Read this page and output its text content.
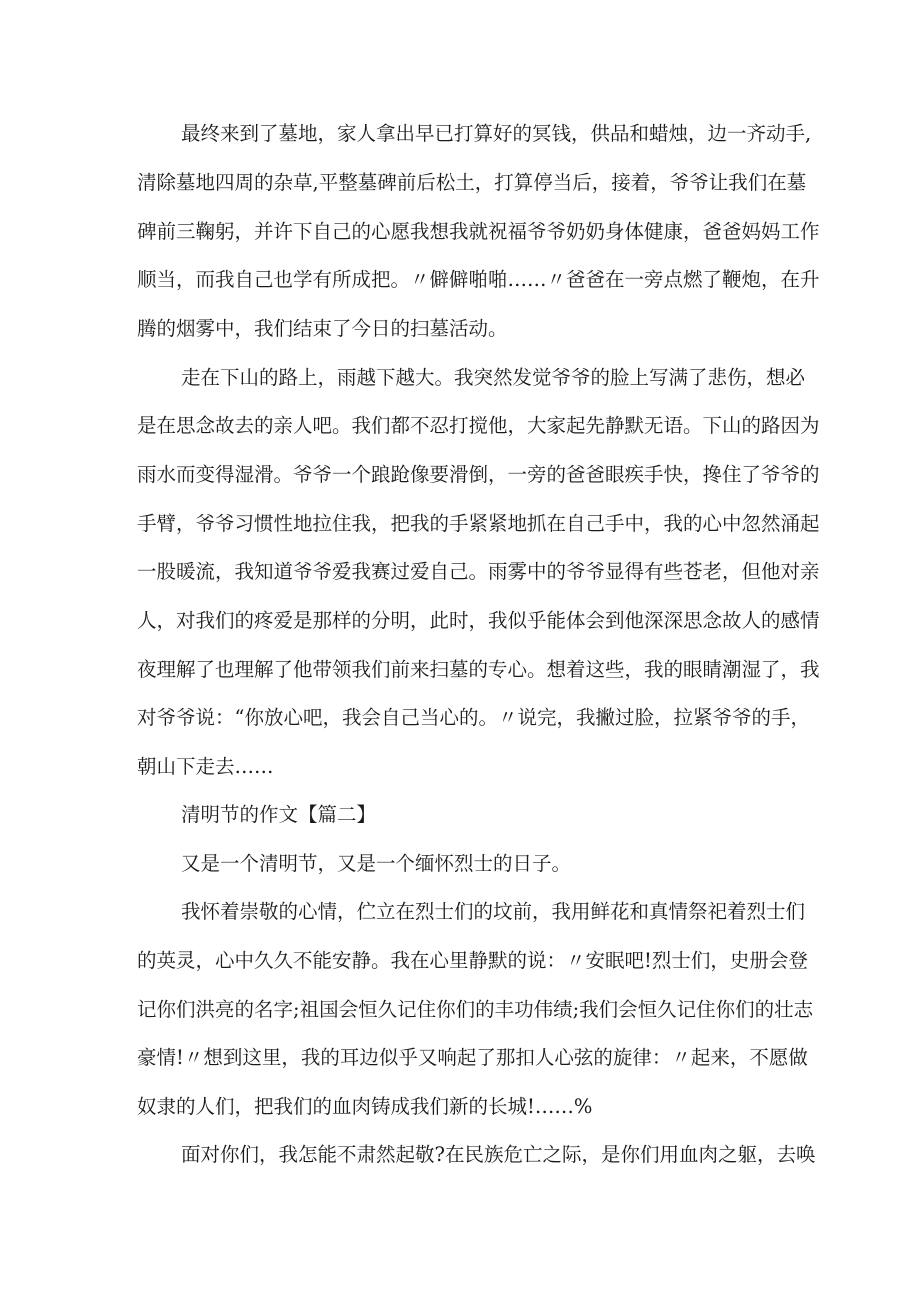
最终来到了墓地，家人拿出早已打算好的冥钱，供品和蜡烛，边一齐动手,
清除墓地四周的杂草,平整墓碑前后松土，打算停当后，接着，爷爷让我们在墓
碑前三鞠躬，并许下自己的心愿我想我就祝福爷爷奶奶身体健康，爸爸妈妈工作
顺当，而我自己也学有所成把。〃僻僻啪啪……〃爸爸在一旁点燃了鞭炮，在升
腾的烟雾中，我们结束了今日的扫墓活动。
走在下山的路上，雨越下越大。我突然发觉爷爷的脸上写满了悲伤，想必
是在思念故去的亲人吧。我们都不忍打搅他，大家起先静默无语。下山的路因为
雨水而变得湿滑。爷爷一个踉跄像要滑倒，一旁的爸爸眼疾手快，搀住了爷爷的
手臂，爷爷习惯性地拉住我，把我的手紧紧地抓在自己手中，我的心中忽然涌起
一股暖流，我知道爷爷爱我赛过爱自己。雨雾中的爷爷显得有些苍老，但他对亲
人，对我们的疼爱是那样的分明，此时，我似乎能体会到他深深思念故人的感情
夜理解了也理解了他带领我们前来扫墓的专心。想着这些，我的眼睛潮湿了，我
对爷爷说：“你放心吧，我会自己当心的。〃说完，我撇过脸，拉紧爷爷的手，
朝山下走去……
清明节的作文【篇二】
又是一个清明节，又是一个缅怀烈士的日子。
我怀着崇敬的心情，伫立在烈士们的坟前，我用鲜花和真情祭祀着烈士们
的英灵，心中久久不能安静。我在心里静默的说：〃安眠吧!烈士们，史册会登
记你们洪亮的名字;祖国会恒久记住你们的丰功伟绩;我们会恒久记住你们的壮志
豪情!〃想到这里，我的耳边似乎又响起了那扣人心弦的旋律：〃起来，不愿做
奴隶的人们，把我们的血肉铸成我们新的长城!……%
面对你们，我怎能不肃然起敬?在民族危亡之际，是你们用血肉之躯，去唤
